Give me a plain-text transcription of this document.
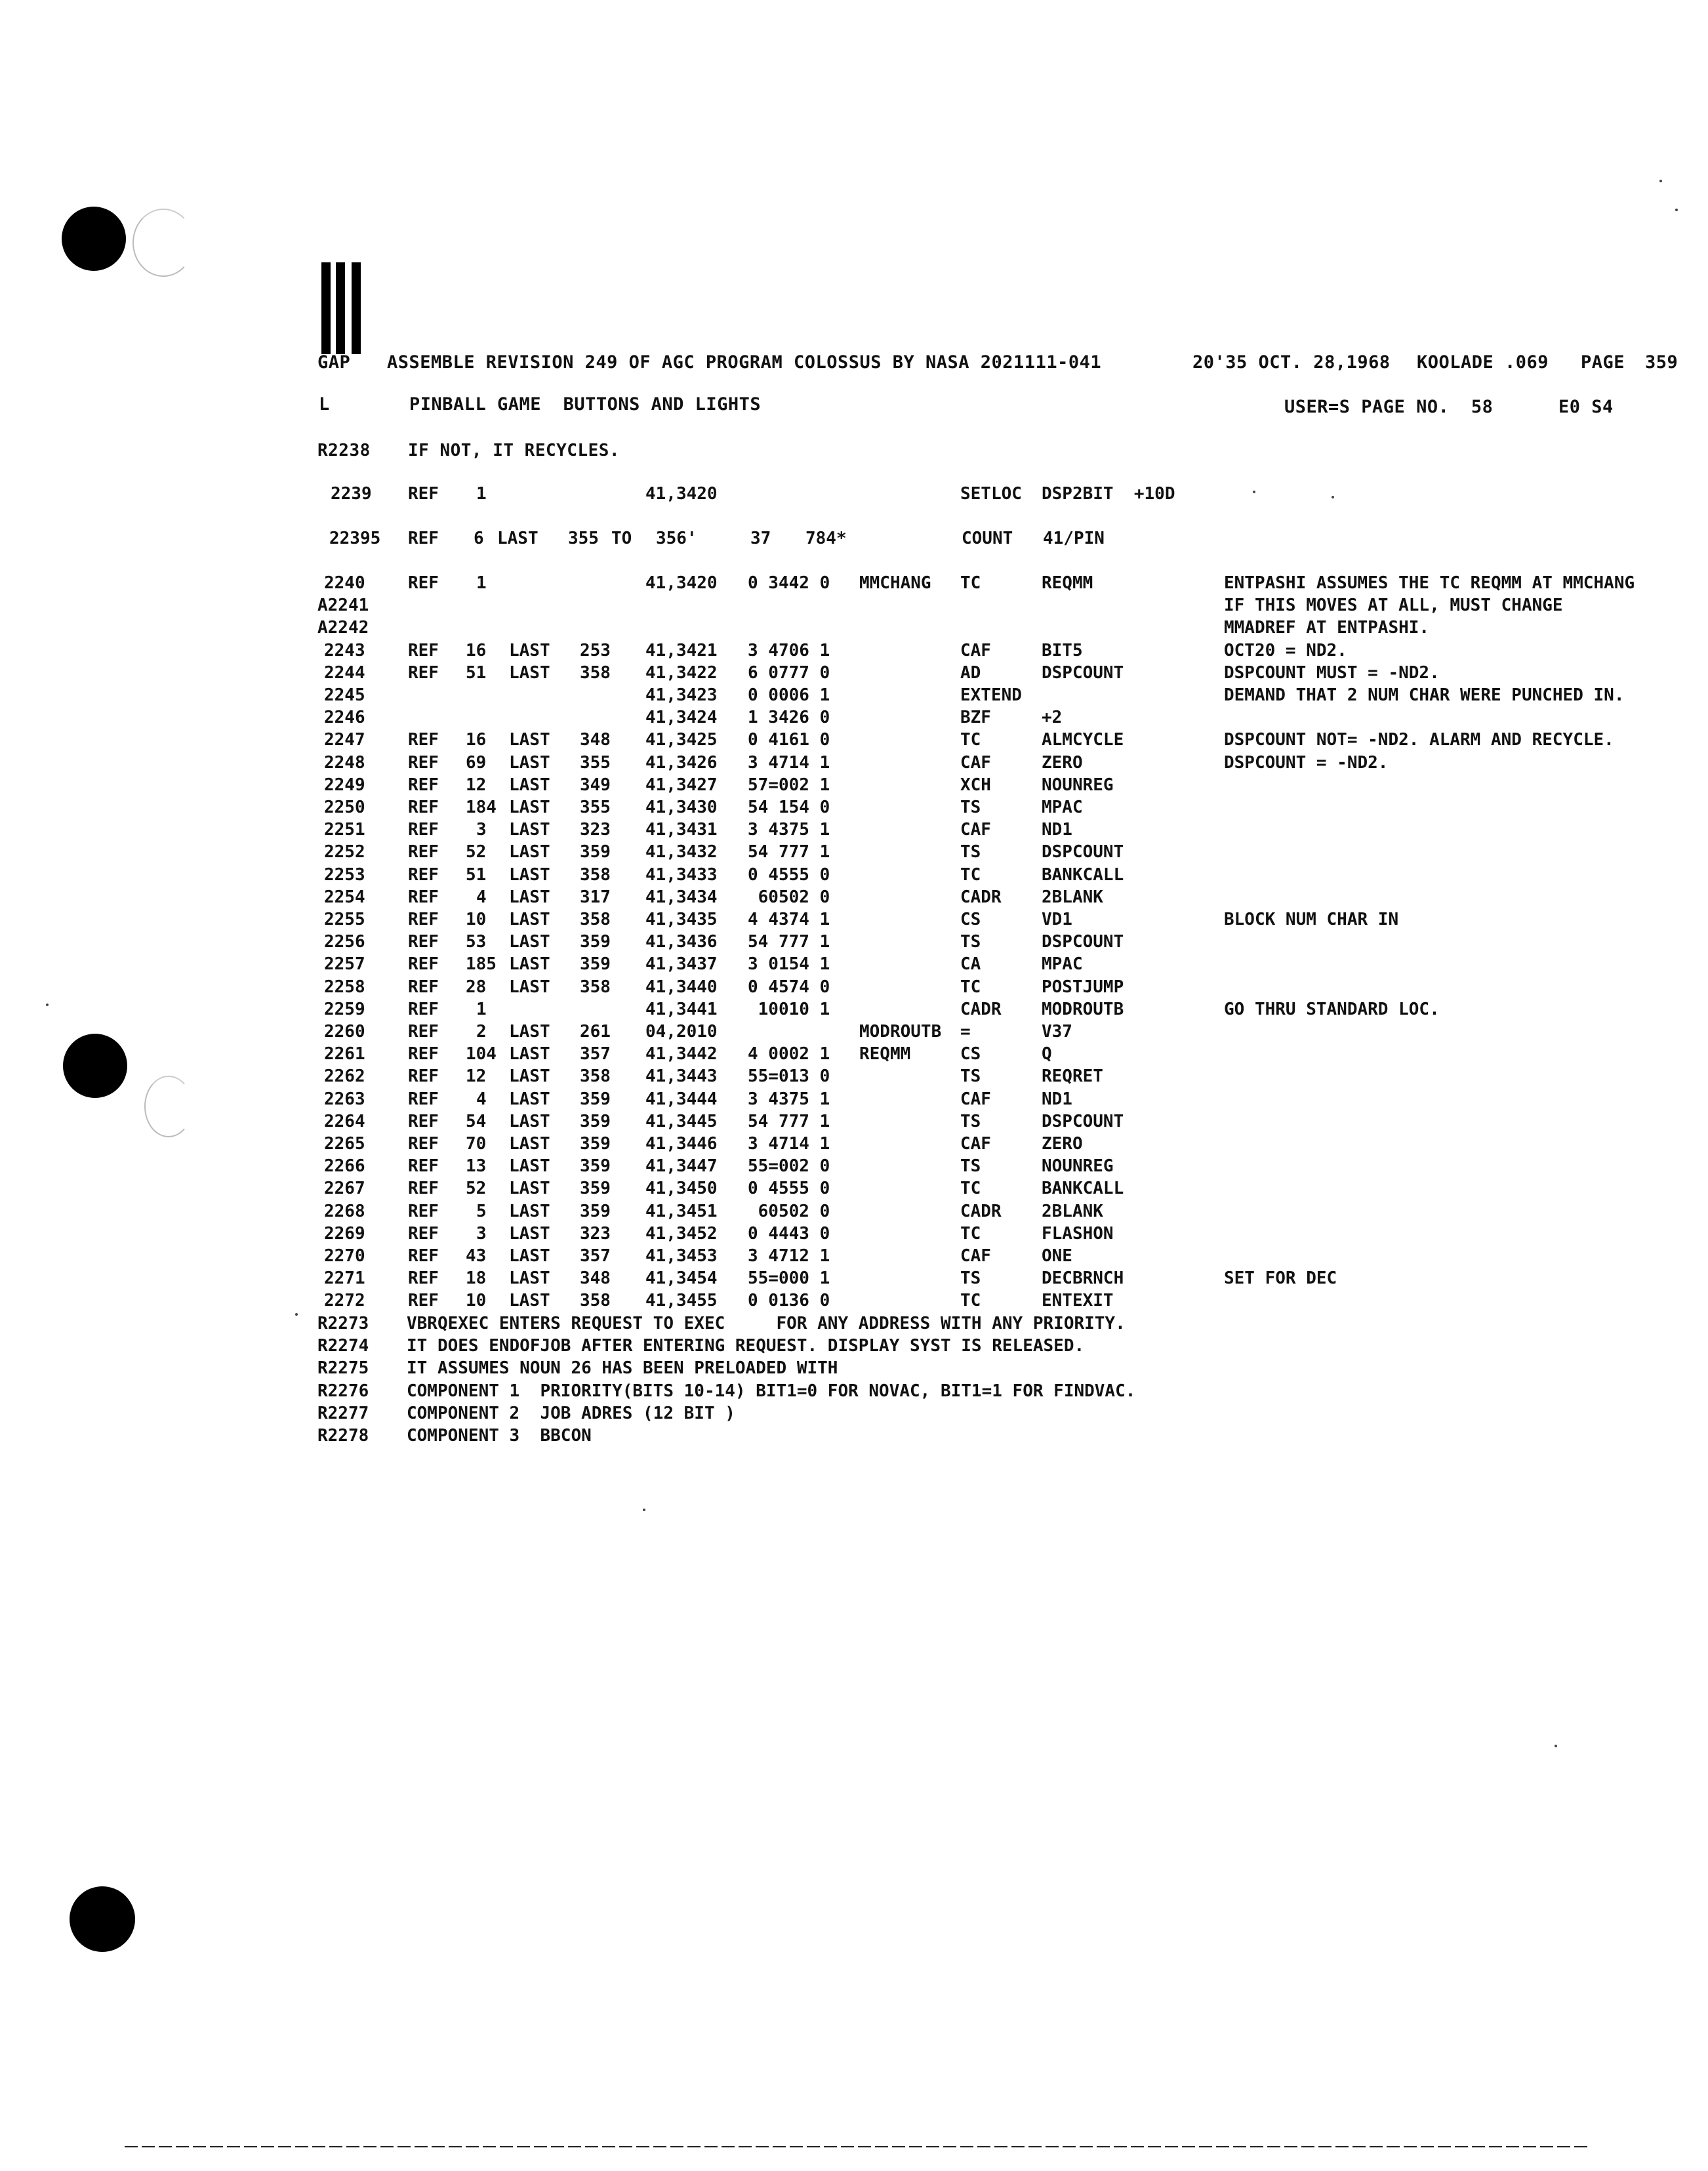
GAP ASSEMBLE REVISION 249 OF AGC PROGRAM COLOSSUS BY NASA 2021111-041	20'35 OCT. 28,1968 KOOLADE .069 PAGE 359
L	PINBALL GAME  BUTTONS AND LIGHTS	USER=S PAGE NO.  58	E0 S4
R2238 IF NOT, IT RECYCLES.
2239 REF 1	41,3420	SETLOC DSP2BIT  +10D
22395 REF 6 LAST 355 TO 356'	37 784*	COUNT 41/PIN
2240	REF 1	41,3420 0 3442 0 MMCHANG TC	REQMM	ENTPASHI ASSUMES THE TC REQMM AT MMCHANG
A2241	IF THIS MOVES AT ALL, MUST CHANGE
A2242	MMADREF AT ENTPASHI.
2243	REF 16 LAST 253 41,3421 3 4706 1	CAF	BIT5	OCT20 = ND2.
2244	REF 51 LAST 358 41,3422 6 0777 0	AD	DSPCOUNT	DSPCOUNT MUST = -ND2.
2245	41,3423 0 0006 1	EXTEND	DEMAND THAT 2 NUM CHAR WERE PUNCHED IN.
2246	41,3424 1 3426 0	BZF	+2
2247	REF 16 LAST 348 41,3425 0 4161 0	TC	ALMCYCLE	DSPCOUNT NOT= -ND2. ALARM AND RECYCLE.
2248	REF 69 LAST 355 41,3426 3 4714 1	CAF	ZERO	DSPCOUNT = -ND2.
2249	REF 12 LAST 349 41,3427 57=002 1	XCH	NOUNREG
2250	REF 184 LAST 355 41,3430 54 154 0	TS	MPAC
2251	REF 3 LAST 323 41,3431 3 4375 1	CAF	ND1
2252	REF 52 LAST 359 41,3432 54 777 1	TS	DSPCOUNT
2253	REF 51 LAST 358 41,3433 0 4555 0	TC	BANKCALL
2254	REF 4 LAST 317 41,3434 60502 0	CADR 2BLANK
2255	REF 10 LAST 358 41,3435 4 4374 1	CS	VD1	BLOCK NUM CHAR IN
2256	REF 53 LAST 359 41,3436 54 777 1	TS	DSPCOUNT
2257	REF 185 LAST 359 41,3437 3 0154 1	CA	MPAC
2258	REF 28 LAST 358 41,3440 0 4574 0	TC	POSTJUMP
2259	REF 1	41,3441 10010 1	CADR MODROUTB	GO THRU STANDARD LOC.
2260	REF 2 LAST 261 04,2010	MODROUTB =	V37
2261	REF 104 LAST 357 41,3442 4 0002 1 REQMM	CS	Q
2262	REF 12 LAST 358 41,3443 55=013 0	TS	REQRET
2263	REF 4 LAST 359 41,3444 3 4375 1	CAF	ND1
2264	REF 54 LAST 359 41,3445 54 777 1	TS	DSPCOUNT
2265	REF 70 LAST 359 41,3446 3 4714 1	CAF	ZERO
2266	REF 13 LAST 359 41,3447 55=002 0	TS	NOUNREG
2267	REF 52 LAST 359 41,3450 0 4555 0	TC	BANKCALL
2268	REF 5 LAST 359 41,3451 60502 0	CADR 2BLANK
2269	REF 3 LAST 323 41,3452 0 4443 0	TC	FLASHON
2270	REF 43 LAST 357 41,3453 3 4712 1	CAF	ONE
2271	REF 18 LAST 348 41,3454 55=000 1	TS	DECBRNCH	SET FOR DEC
2272	REF 10 LAST 358 41,3455 0 0136 0	TC	ENTEXIT
R2273 VBRQEXEC ENTERS REQUEST TO EXEC     FOR ANY ADDRESS WITH ANY PRIORITY.
R2274 IT DOES ENDOFJOB AFTER ENTERING REQUEST. DISPLAY SYST IS RELEASED.
R2275 IT ASSUMES NOUN 26 HAS BEEN PRELOADED WITH
R2276 COMPONENT 1  PRIORITY(BITS 10-14) BIT1=0 FOR NOVAC, BIT1=1 FOR FINDVAC.
R2277 COMPONENT 2  JOB ADRES (12 BIT )
R2278 COMPONENT 3  BBCON
